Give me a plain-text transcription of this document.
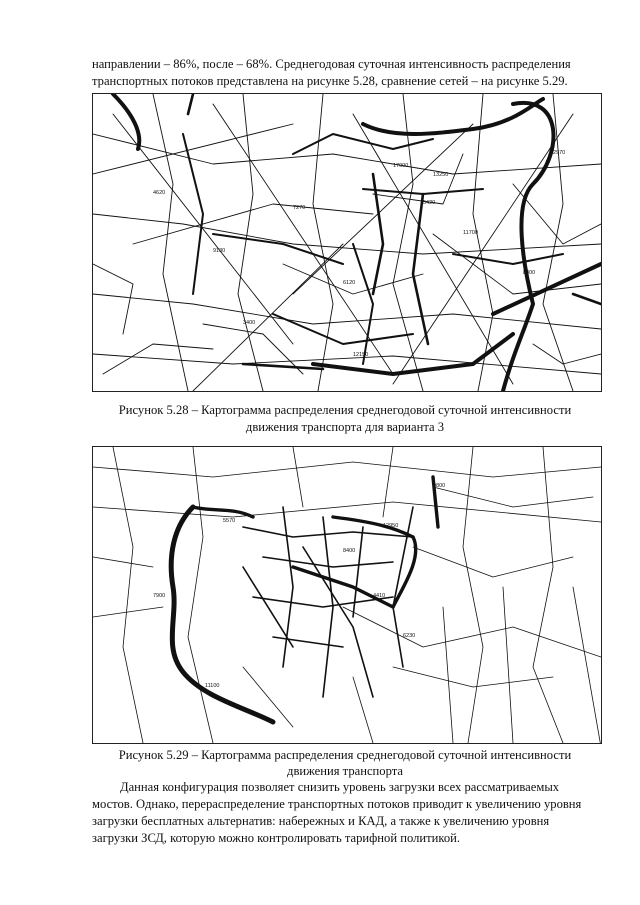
направлении – 86%, после – 68%. Среднегодовая суточная интенсивность распределения

транспортных потоков представлена на рисунке 5.28, сравнение сетей – на рисунке 5.29.

17000
13250
9130
7270
5420
6120
3400
11700
8800
4620
12150
2970

Рисунок 5.28 – Картограмма распределения среднегодовой суточной интенсивности

движения транспорта для варианта 3

9800
11100
5570
4410
8400
6230
7900
12950

Рисунок 5.29 – Картограмма распределения среднегодовой суточной интенсивности

движения транспорта

Данная конфигурация позволяет снизить уровень загрузки всех рассматриваемых

мостов. Однако, перераспределение транспортных потоков приводит к увеличению уровня

загрузки бесплатных альтернатив: набережных и КАД, а также к увеличению уровня

загрузки ЗСД, которую можно контролировать тарифной политикой.
